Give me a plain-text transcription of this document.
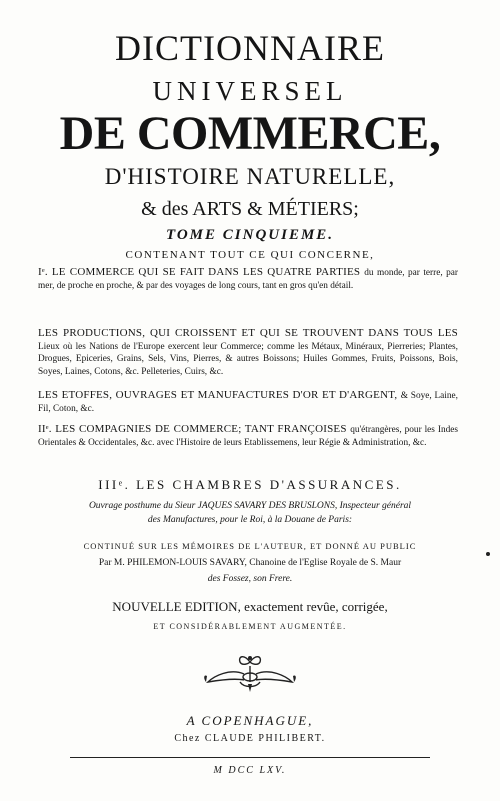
DICTIONNAIRE
UNIVERSEL
DE COMMERCE,
D'HISTOIRE NATURELLE,
& des ARTS & MÉTIERS;
TOME CINQUIEME.
CONTENANT TOUT CE QUI CONCERNE,
Iᵉ. LE COMMERCE QUI SE FAIT DANS LES QUATRE PARTIES du monde, par terre, par mer, de proche en proche, & par des voyages de long cours, tant en gros qu'en détail.
LES PRODUCTIONS, QUI CROISSENT ET QUI SE TROUVENT DANS TOUS LES Lieux où les Nations de l'Europe exercent leur Commerce; comme les Métaux, Minéraux, Pierreries; Plantes, Drogues, Epiceries, Grains, Sels, Vins, Pierres, & autres Boissons; Huiles Gommes, Fruits, Poissons, Bois, Soyes, Laines, Cotons, &c. Pelleteries, Cuirs, &c.
LES ETOFFES, OUVRAGES ET MANUFACTURES D'OR ET D'ARGENT, & Soye, Laine, Fil, Coton, &c.
IIᵉ. LES COMPAGNIES DE COMMERCE; TANT FRANÇOISES qu'étrangères, pour les Indes Orientales & Occidentales, &c. avec l'Histoire de leurs Etablissemens, leur Régie & Administration, &c.
IIIᵉ. LES CHAMBRES D'ASSURANCES.
Ouvrage posthume du Sieur JAQUES SAVARY DES BRUSLONS, Inspecteur général
des Manufactures, pour le Roi, à la Douane de Paris:
CONTINUÉ SUR LES MÉMOIRES DE L'AUTEUR, ET DONNÉ AU PUBLIC
Par M. PHILEMON-LOUIS SAVARY, Chanoine de l'Eglise Royale de S. Maur
des Fossez, son Frere.
NOUVELLE EDITION, exactement revûe, corrigée,
ET CONSIDÉRABLEMENT AUGMENTÉE.
A COPENHAGUE,
Chez CLAUDE PHILIBERT.
M DCC LXV.
